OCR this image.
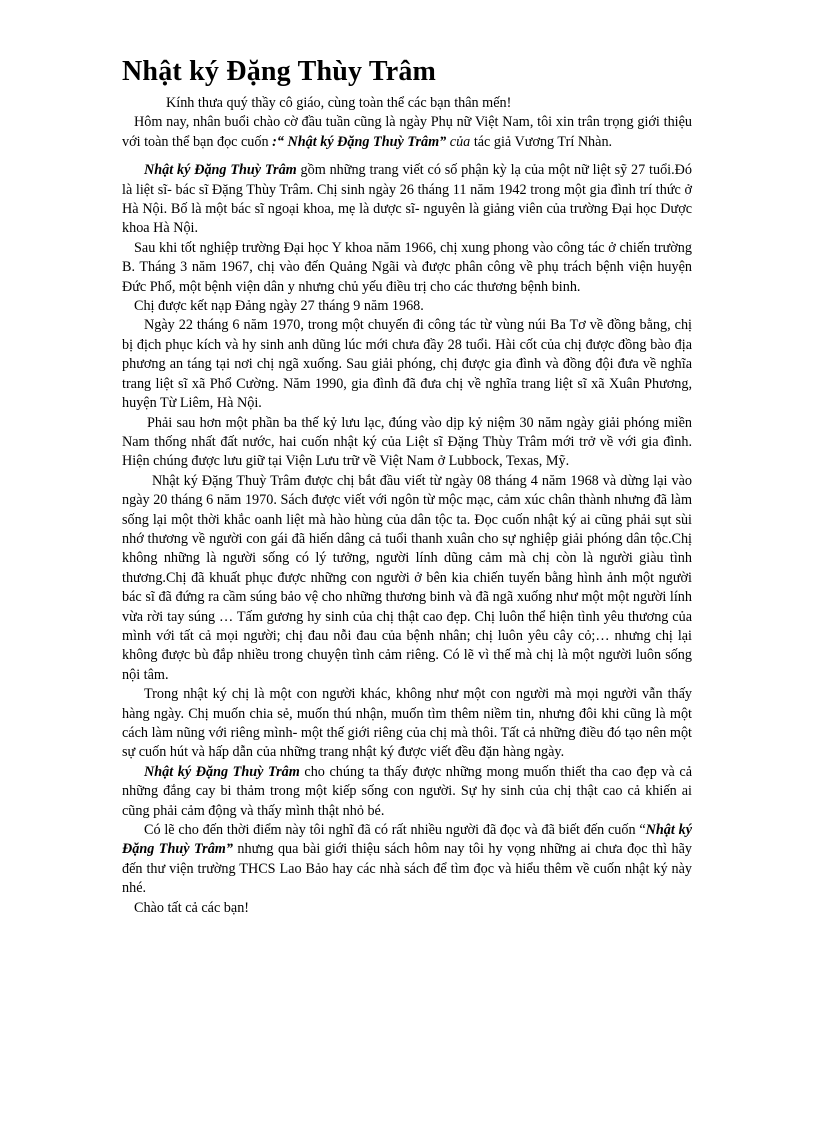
Nhật ký Đặng Thùy Trâm

Kính thưa quý thầy cô giáo, cùng toàn thể các bạn thân mến!

Hôm nay, nhân buổi chào cờ đầu tuần cũng là ngày Phụ nữ Việt Nam, tôi xin trân trọng giới thiệu với toàn thể bạn đọc cuốn :“ Nhật ký Đặng Thuỳ Trâm” của tác giả Vương Trí Nhàn.

Nhật ký Đặng Thuỳ Trâm gồm những trang viết có số phận kỳ lạ của một nữ liệt sỹ 27 tuổi.Đó là liệt sĩ- bác sĩ Đặng Thùy Trâm. Chị sinh ngày 26 tháng 11 năm 1942 trong một gia đình trí thức ở Hà Nội. Bố là một bác sĩ ngoại khoa, mẹ là dược sĩ- nguyên là giảng viên của trường Đại học Dược khoa Hà Nội.

Sau khi tốt nghiệp trường Đại học Y khoa năm 1966, chị xung phong vào công tác ở chiến trường B. Tháng 3 năm 1967, chị vào đến Quảng Ngãi và được phân công về phụ trách bệnh viện huyện Đức Phổ, một bệnh viện dân y nhưng chủ yếu điều trị cho các thương bệnh binh.

Chị được kết nạp Đảng ngày 27 tháng 9 năm 1968.

Ngày 22 tháng 6 năm 1970, trong một chuyến đi công tác từ vùng núi Ba Tơ về đồng bằng, chị bị địch phục kích và hy sinh anh dũng lúc mới chưa đầy 28 tuổi. Hài cốt của chị được đồng bào địa phương an táng tại nơi chị ngã xuống. Sau giải phóng, chị được gia đình và đồng đội đưa về nghĩa trang liệt sĩ xã Phổ Cường. Năm 1990, gia đình đã đưa chị về nghĩa trang liệt sĩ xã Xuân Phương, huyện Từ Liêm, Hà Nội.

Phải sau hơn một phần ba thế kỷ lưu lạc, đúng vào dịp kỷ niệm 30 năm ngày giải phóng miền Nam thống nhất đất nước, hai cuốn nhật ký của Liệt sĩ Đặng Thùy Trâm mới trở về với gia đình. Hiện chúng được lưu giữ tại Viện Lưu trữ về Việt Nam ở Lubbock, Texas, Mỹ.

Nhật ký Đặng Thuỳ Trâm được chị bắt đầu viết từ ngày 08 tháng 4 năm 1968 và dừng lại vào ngày 20 tháng 6 năm 1970. Sách được viết với ngôn từ mộc mạc, cảm xúc chân thành nhưng đã làm sống lại một thời khắc oanh liệt mà hào hùng của dân tộc ta. Đọc cuốn nhật ký ai cũng phải sụt sùi nhớ thương về người con gái đã hiến dâng cả tuổi thanh xuân cho sự nghiệp giải phóng dân tộc.Chị không những là người sống có lý tưởng, người lính dũng cảm mà chị còn là người giàu tình thương.Chị đã khuất phục được những con người ở bên kia chiến tuyến bằng hình ảnh một người bác sĩ đã đứng ra cầm súng bảo vệ cho những thương binh và đã ngã xuống như một một người lính vừa rời tay súng … Tấm gương hy sinh của chị thật cao đẹp. Chị luôn thể hiện tình yêu thương của mình với tất cả mọi người; chị đau nỗi đau của bệnh nhân; chị luôn yêu cây cỏ;… nhưng chị lại không được bù đắp nhiều trong chuyện tình cảm riêng. Có lẽ vì thế mà chị là một người luôn sống nội tâm.

Trong nhật ký chị là một con người khác, không như một con người mà mọi người vẫn thấy hàng ngày. Chị muốn chia sẻ, muốn thú nhận, muốn tìm thêm niềm tin, nhưng đôi khi cũng là một cách làm nũng với riêng mình- một thế giới riêng của chị mà thôi. Tất cả những điều đó tạo nên một sự cuốn hút và hấp dẫn của những trang nhật ký được viết đều đặn hàng ngày.

Nhật ký Đặng Thuỳ Trâm cho chúng ta thấy được những mong muốn thiết tha cao đẹp và cả những đắng cay bi thảm trong một kiếp sống con người. Sự hy sinh của chị thật cao cả khiến ai cũng phải cảm động và thấy mình thật nhỏ bé.

Có lẽ cho đến thời điểm này tôi nghĩ đã có rất nhiều người đã đọc và đã biết đến cuốn “Nhật ký Đặng Thuỳ Trâm” nhưng qua bài giới thiệu sách hôm nay tôi hy vọng những ai chưa đọc thì hãy đến thư viện trường THCS Lao Bảo hay các nhà sách để tìm đọc và hiểu thêm về cuốn nhật ký này nhé.

Chào tất cả các bạn!
